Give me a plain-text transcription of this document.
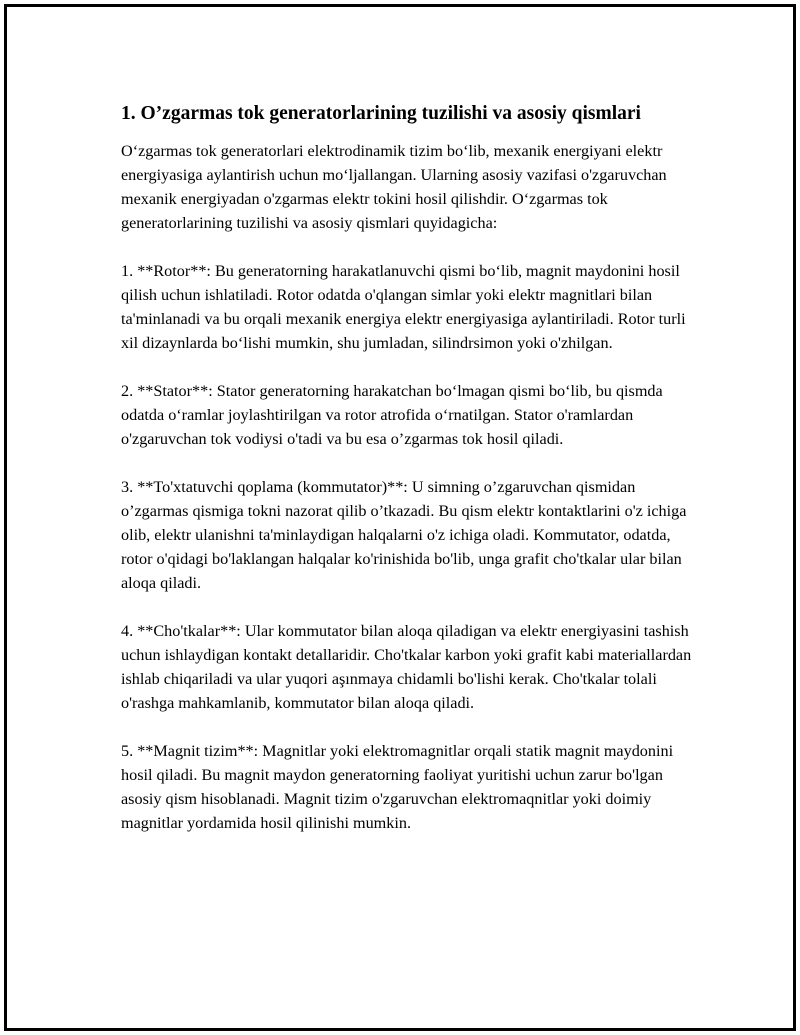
1. O’zgarmas tok generatorlarining tuzilishi va asosiy qismlari

O‘zgarmas tok generatorlari elektrodinamik tizim bo‘lib, mexanik energiyani elektr energiyasiga aylantirish uchun mo‘ljallangan. Ularning asosiy vazifasi o'zgaruvchan mexanik energiyadan o'zgarmas elektr tokini hosil qilishdir. O‘zgarmas tok generatorlarining tuzilishi va asosiy qismlari quyidagicha:

1. **Rotor**: Bu generatorning harakatlanuvchi qismi bo‘lib, magnit maydonini hosil qilish uchun ishlatiladi. Rotor odatda o'qlangan simlar yoki elektr magnitlari bilan ta'minlanadi va bu orqali mexanik energiya elektr energiyasiga aylantiriladi. Rotor turli xil dizaynlarda bo‘lishi mumkin, shu jumladan, silindrsimon yoki o'zhilgan.

2. **Stator**: Stator generatorning harakatchan bo‘lmagan qismi bo‘lib, bu qismda odatda o‘ramlar joylashtirilgan va rotor atrofida o‘rnatilgan. Stator o'ramlardan o'zgaruvchan tok vodiysi o'tadi va bu esa o’zgarmas tok hosil qiladi.

3. **To'xtatuvchi qoplama (kommutator)**: U simning o’zgaruvchan qismidan o’zgarmas qismiga tokni nazorat qilib o’tkazadi. Bu qism elektr kontaktlarini o'z ichiga olib, elektr ulanishni ta'minlaydigan halqalarni o'z ichiga oladi. Kommutator, odatda, rotor o'qidagi bo'laklangan halqalar ko'rinishida bo'lib, unga grafit cho'tkalar ular bilan aloqa qiladi.

4. **Cho'tkalar**: Ular kommutator bilan aloqa qiladigan va elektr energiyasini tashish uchun ishlaydigan kontakt detallaridir. Cho'tkalar karbon yoki grafit kabi materiallardan ishlab chiqariladi va ular yuqori aşınmaya chidamli bo'lishi kerak. Cho'tkalar tolali o'rashga mahkamlanib, kommutator bilan aloqa qiladi.

5. **Magnit tizim**: Magnitlar yoki elektromagnitlar orqali statik magnit maydonini hosil qiladi. Bu magnit maydon generatorning faoliyat yuritishi uchun zarur bo'lgan asosiy qism hisoblanadi. Magnit tizim o'zgaruvchan elektromaqnitlar yoki doimiy magnitlar yordamida hosil qilinishi mumkin.
